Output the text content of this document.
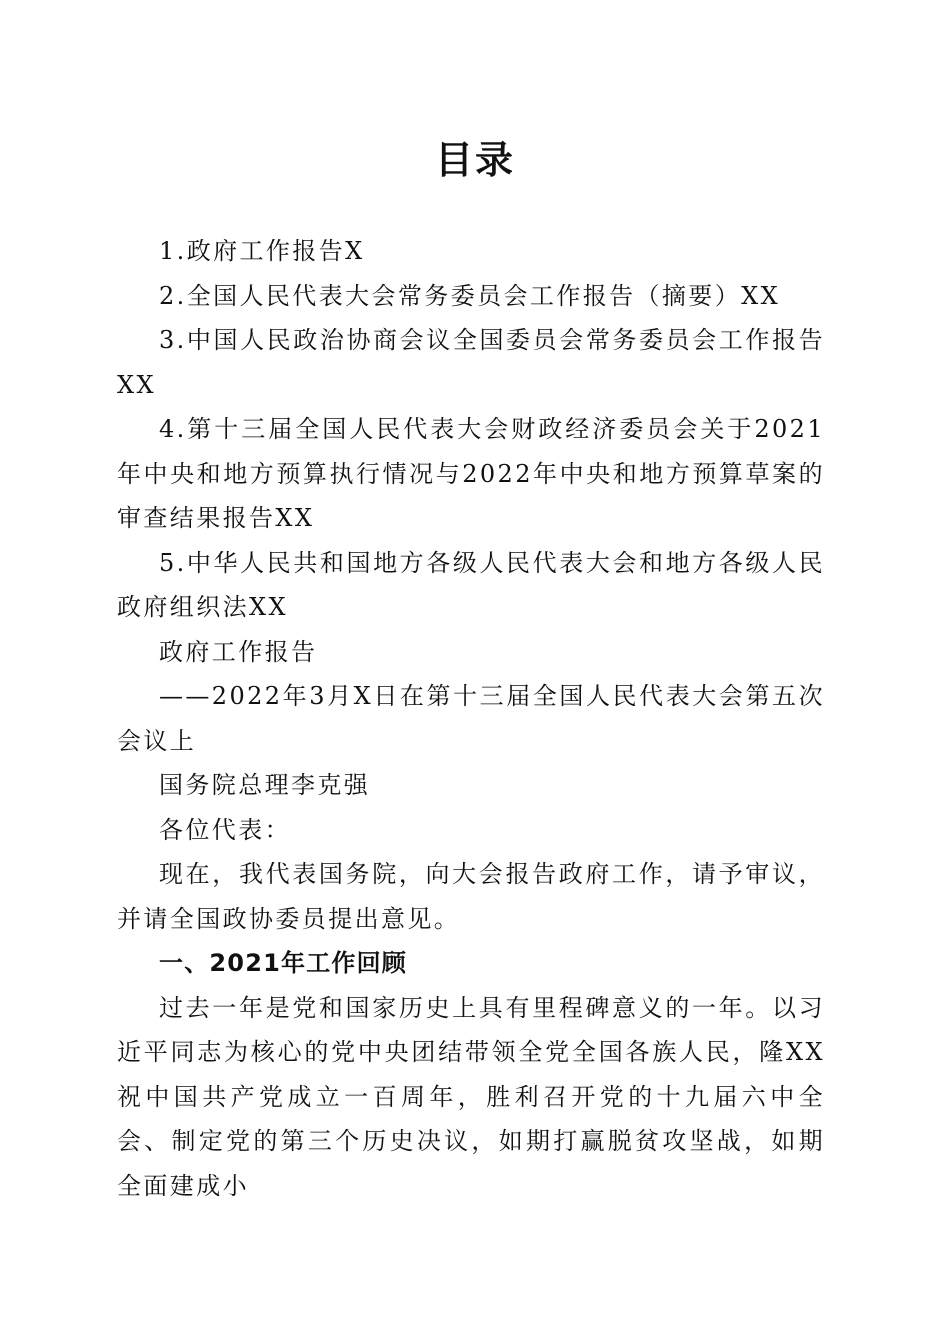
目录

1.政府工作报告X

2.全国人民代表大会常务委员会工作报告（摘要）XX

3.中国人民政治协商会议全国委员会常务委员会工作报告XX

4.第十三届全国人民代表大会财政经济委员会关于2021年中央和地方预算执行情况与2022年中央和地方预算草案的审查结果报告XX

5.中华人民共和国地方各级人民代表大会和地方各级人民政府组织法XX

政府工作报告

——2022年3月X日在第十三届全国人民代表大会第五次会议上

国务院总理李克强

各位代表：

现在，我代表国务院，向大会报告政府工作，请予审议，并请全国政协委员提出意见。

一、2021年工作回顾

过去一年是党和国家历史上具有里程碑意义的一年。以习近平同志为核心的党中央团结带领全党全国各族人民，隆XX祝中国共产党成立一百周年，胜利召开党的十九届六中全会、制定党的第三个历史决议，如期打赢脱贫攻坚战，如期全面建成小
